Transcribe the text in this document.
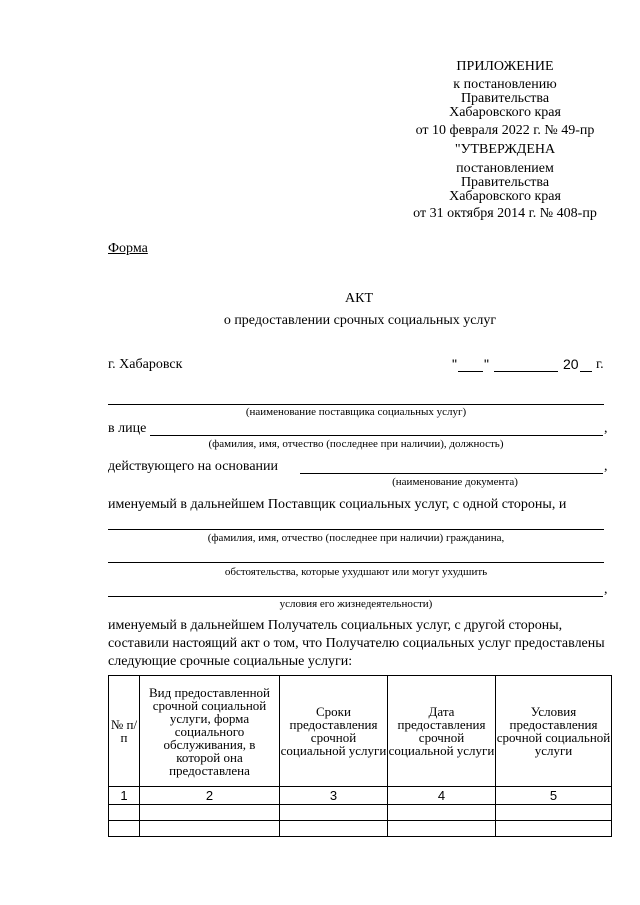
ПРИЛОЖЕНИЕ
к постановлению
Правительства
Хабаровского края
от 10 февраля 2022 г. № 49-пр
"УТВЕРЖДЕНА
постановлением
Правительства
Хабаровского края
от 31 октября 2014 г. № 408-пр
Форма
АКТ
о предоставлении срочных социальных услуг
г. Хабаровск	" "	20 г.
(наименование поставщика социальных услуг)
в лице	,
(фамилия, имя, отчество (последнее при наличии), должность)
действующего на основании	,
(наименование документа)
именуемый в дальнейшем Поставщик социальных услуг, с одной стороны, и
(фамилия, имя, отчество (последнее при наличии) гражданина,
обстоятельства, которые ухудшают или могут ухудшить
,
условия его жизнедеятельности)
именуемый в дальнейшем Получатель социальных услуг, с другой стороны,
составили настоящий акт о том, что Получателю социальных услуг предоставлены
следующие срочные социальные услуги:
№ п/п	Вид предоставленной срочной социальной услуги, форма социального обслуживания, в которой она предоставлена	Сроки предоставления срочной социальной услуги	Дата предоставления срочной социальной услуги	Условия предоставления срочной социальной услуги
1	2	3	4	5
